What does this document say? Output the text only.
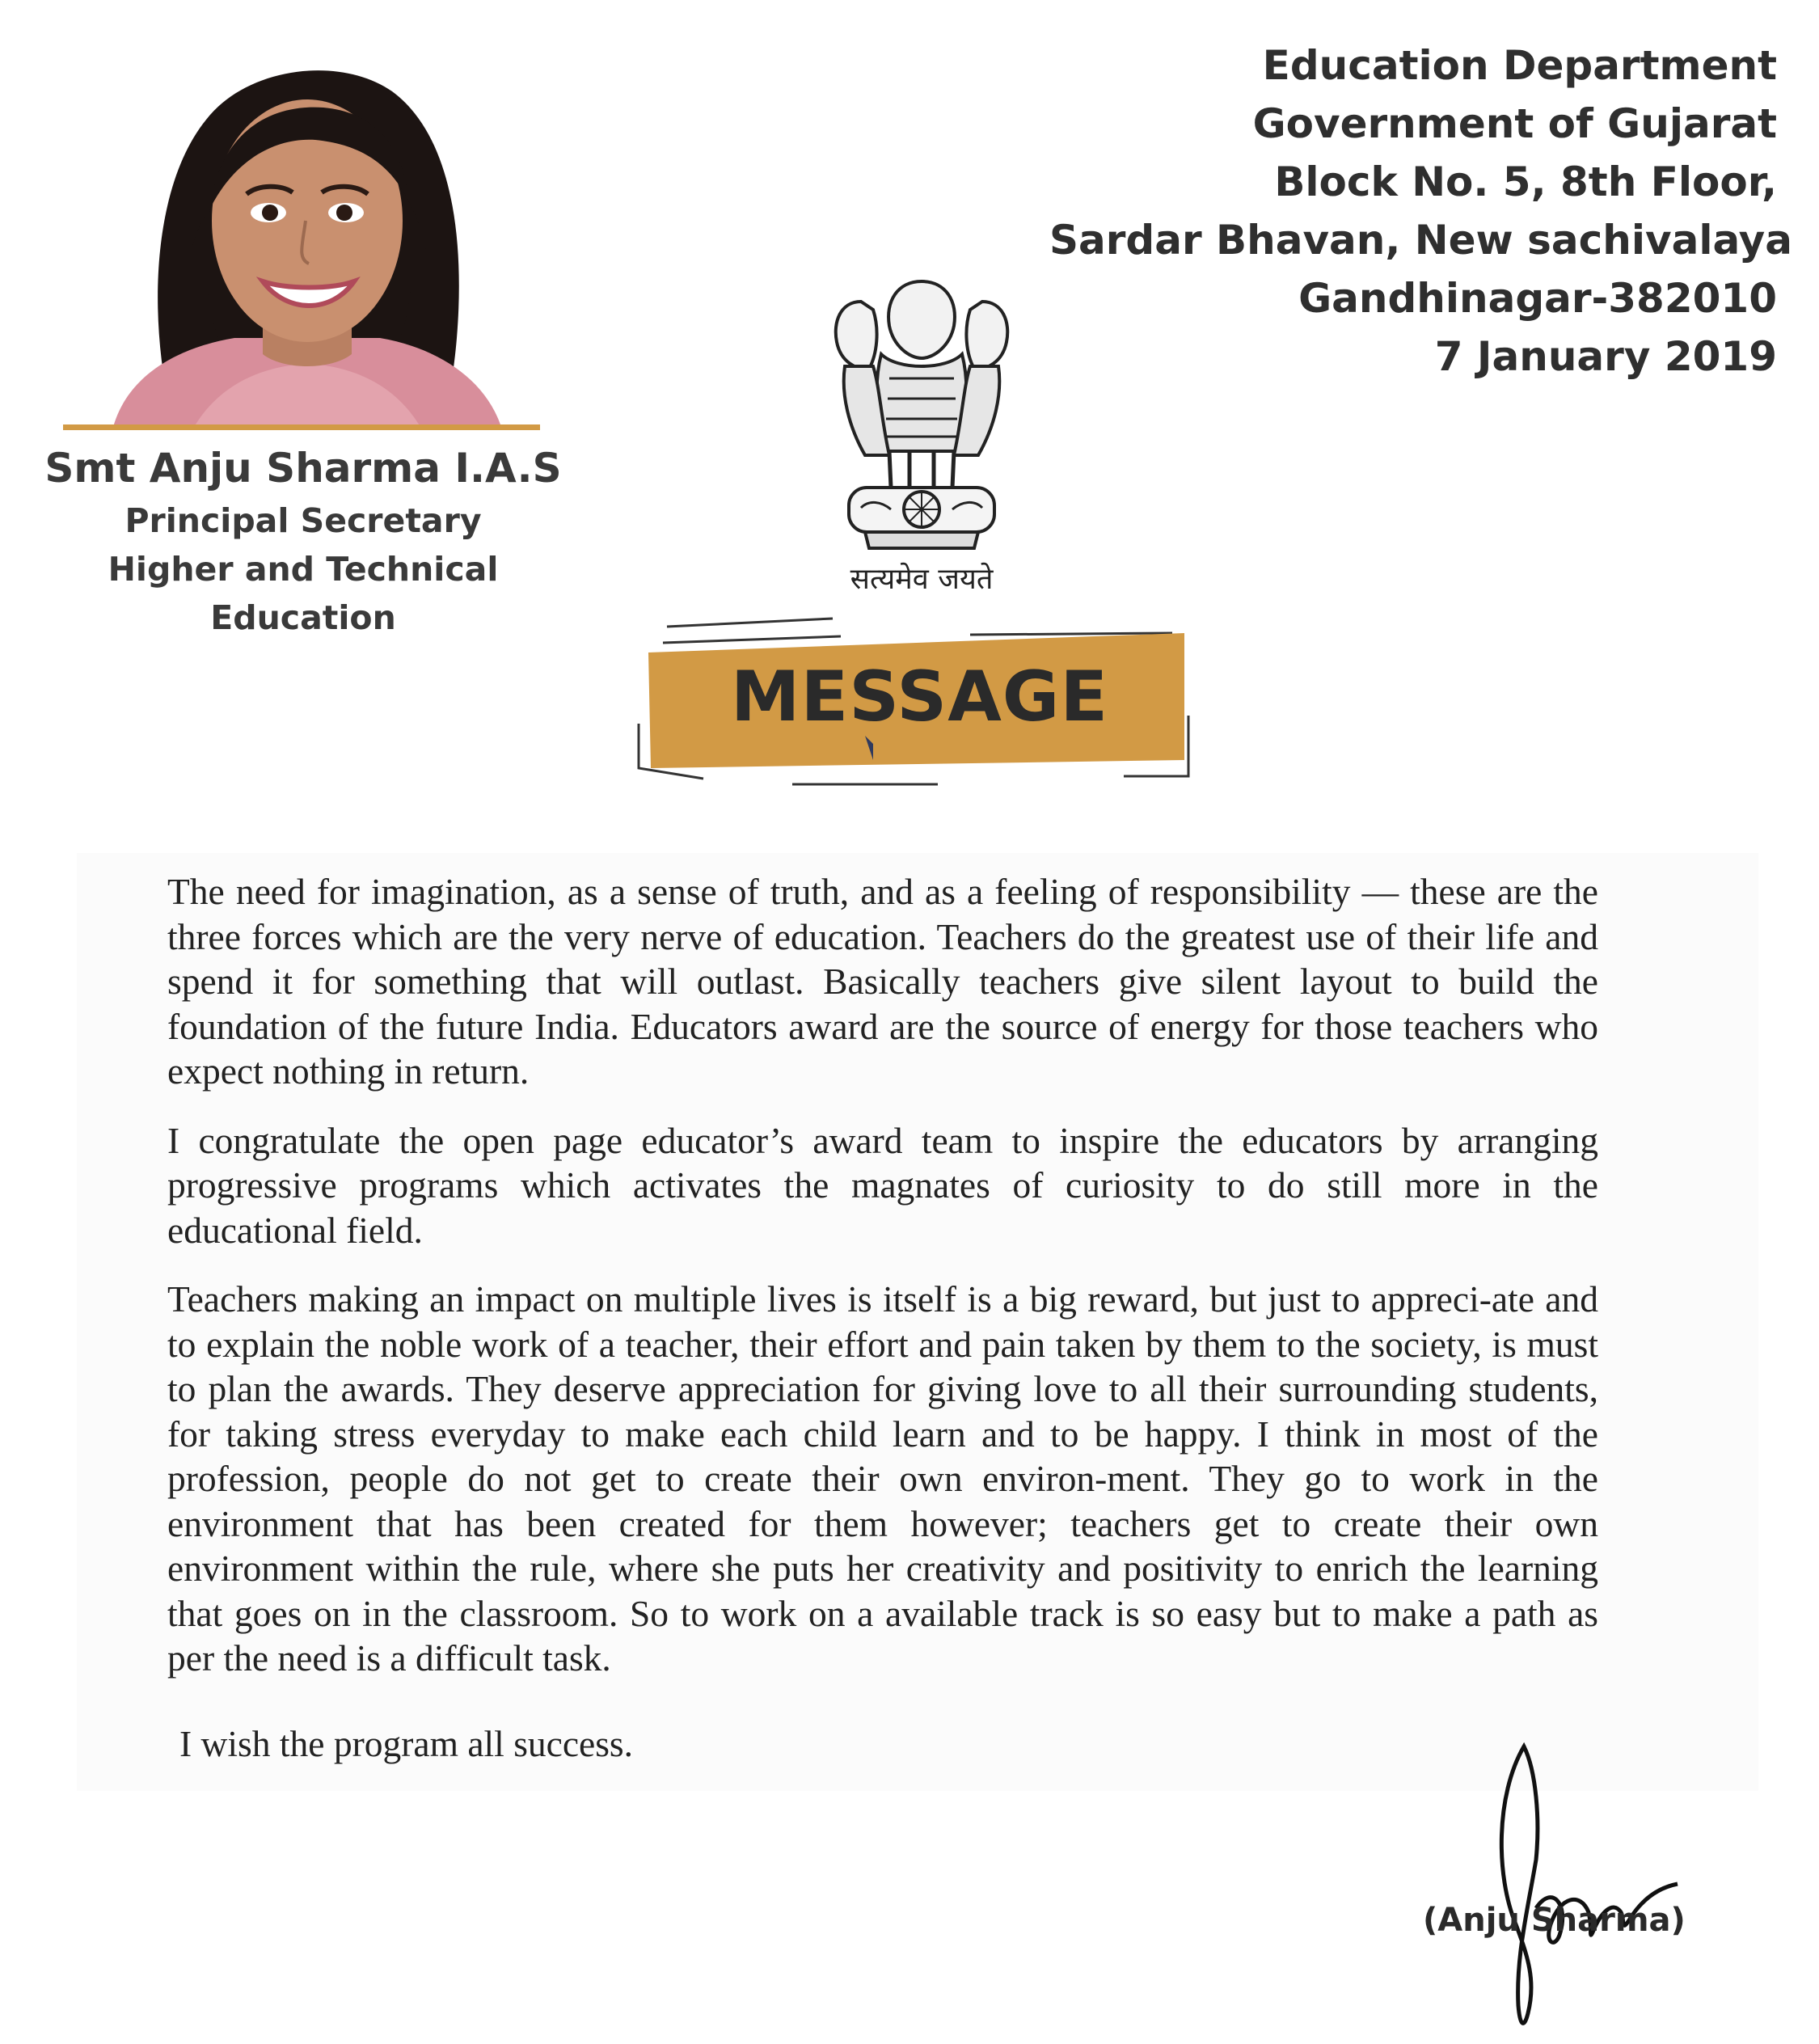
Smt Anju Sharma I.A.S
Principal Secretary
Higher and Technical Education
Education Department
Government of Gujarat
Block No. 5, 8th Floor,
Sardar Bhavan, New sachivalaya
Gandhinagar-382010
7 January 2019
सत्यमेव जयते
MESSAGE

The need for imagination, as a sense of truth, and as a feeling of responsibility — these are the three forces which are the very nerve of education. Teachers do the greatest use of their life and spend it for something that will outlast. Basically teachers give silent layout to build the foundation of the future India. Educators award are the source of energy for those teachers who expect nothing in return.

I congratulate the open page educator’s award team to inspire the educators by arranging progressive programs which activates the magnates of curiosity to do still more in the educational field.

Teachers making an impact on multiple lives is itself is a big reward, but just to appreci-ate and to explain the noble work of a teacher, their effort and pain taken by them to the society, is must to plan the awards. They deserve appreciation for giving love to all their surrounding students, for taking stress everyday to make each child learn and to be happy. I think in most of the profession, people do not get to create their own environ-ment. They go to work in the environment that has been created for them however; teachers get to create their own environment within the rule, where she puts her creativity and positivity to enrich the learning that goes on in the classroom. So to work on a available track is so easy but to make a path as per the need is a difficult task.

I wish the program all success.
(Anju Sharma)
